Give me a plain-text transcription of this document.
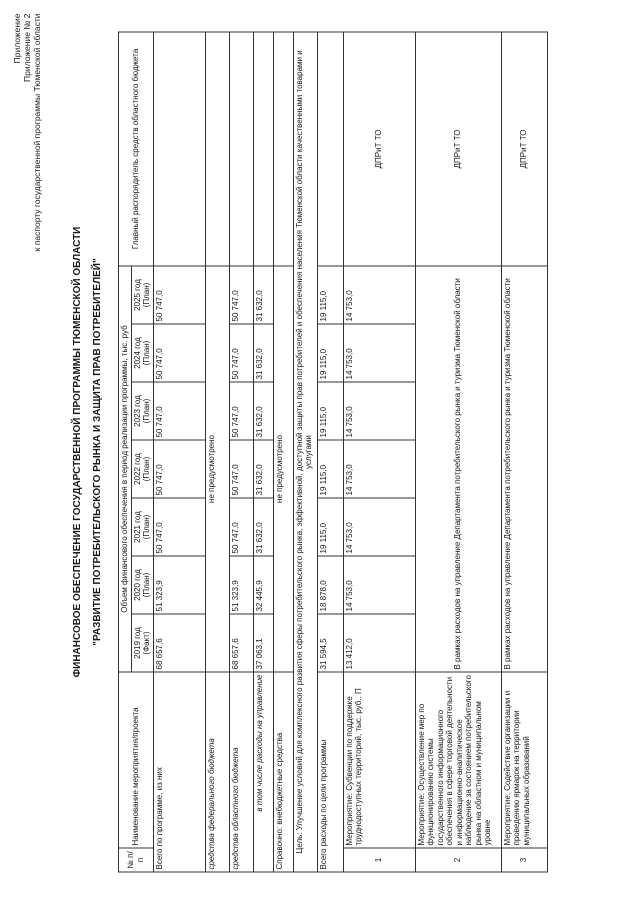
Приложение Приложение № 2 к паспорту государственной программы Тюменской области
ФИНАНСОВОЕ ОБЕСПЕЧЕНИЕ ГОСУДАРСТВЕННОЙ ПРОГРАММЫ ТЮМЕНСКОЙ ОБЛАСТИ "РАЗВИТИЕ ПОТРЕБИТЕЛЬСКОГО РЫНКА И ЗАЩИТА ПРАВ ПОТРЕБИТЕЛЕЙ"
№ п/п	Наименование мероприятия/проекта	Объем финансового обеспечения в период реализации программы, тыс. руб							Главный распорядитель средств областного бюджета
		2019 год (Факт)	2020 год (План)	2021 год (План)	2022 год (План)	2023 год (План)	2024 год (План)	2025 год (План)	
Всего по программе, из них		68 657,6	51 323,9	50 747,0	50 747,0	50 747,0	50 747,0	50 747,0	
средства федерального бюджета		не предусмотрено							
средства областного бюджета		68 657,6	51 323,9	50 747,0	50 747,0	50 747,0	50 747,0	50 747,0	
в том числе расходы на управление		37 063,1	32 445,9	31 632,0	31 632,0	31 632,0	31 632,0	31 632,0	
Справочно: внебюджетные средства		не предусмотрено							
Цель: Улучшение условий для комплексного развития сферы потребительского рынка, эффективной, доступной защиты прав потребителей и обеспечения населения Тюменской области качественными товарами и услугами									
Всего расходы по цели программы		31 594,5	18 878,0	19 115,0	19 115,0	19 115,0	19 115,0	19 115,0	
1	Мероприятие: Субвенции по поддержке труднодоступных территорий, тыс. руб.. П	13 412,0	14 753,0	14 753,0	14 753,0	14 753,0	14 753,0	14 753,0	ДПРиТ ТО
2	Мероприятие: Осуществление мер по функционированию системы государственного информационного обеспечения в сфере торговой деятельности и информационно-аналитическое наблюдение за состоянием потребительского рынка на областном и муниципальном уровне	В рамках расходов на управление Департамента потребительского рынка и туризма Тюменской области							ДПРиТ ТО
3	Мероприятие: Содействие организации и проведению ярмарок на территории муниципальных образований	В рамках расходов на управление Департамента потребительского рынка и туризма Тюменской области							ДПРиТ ТО
